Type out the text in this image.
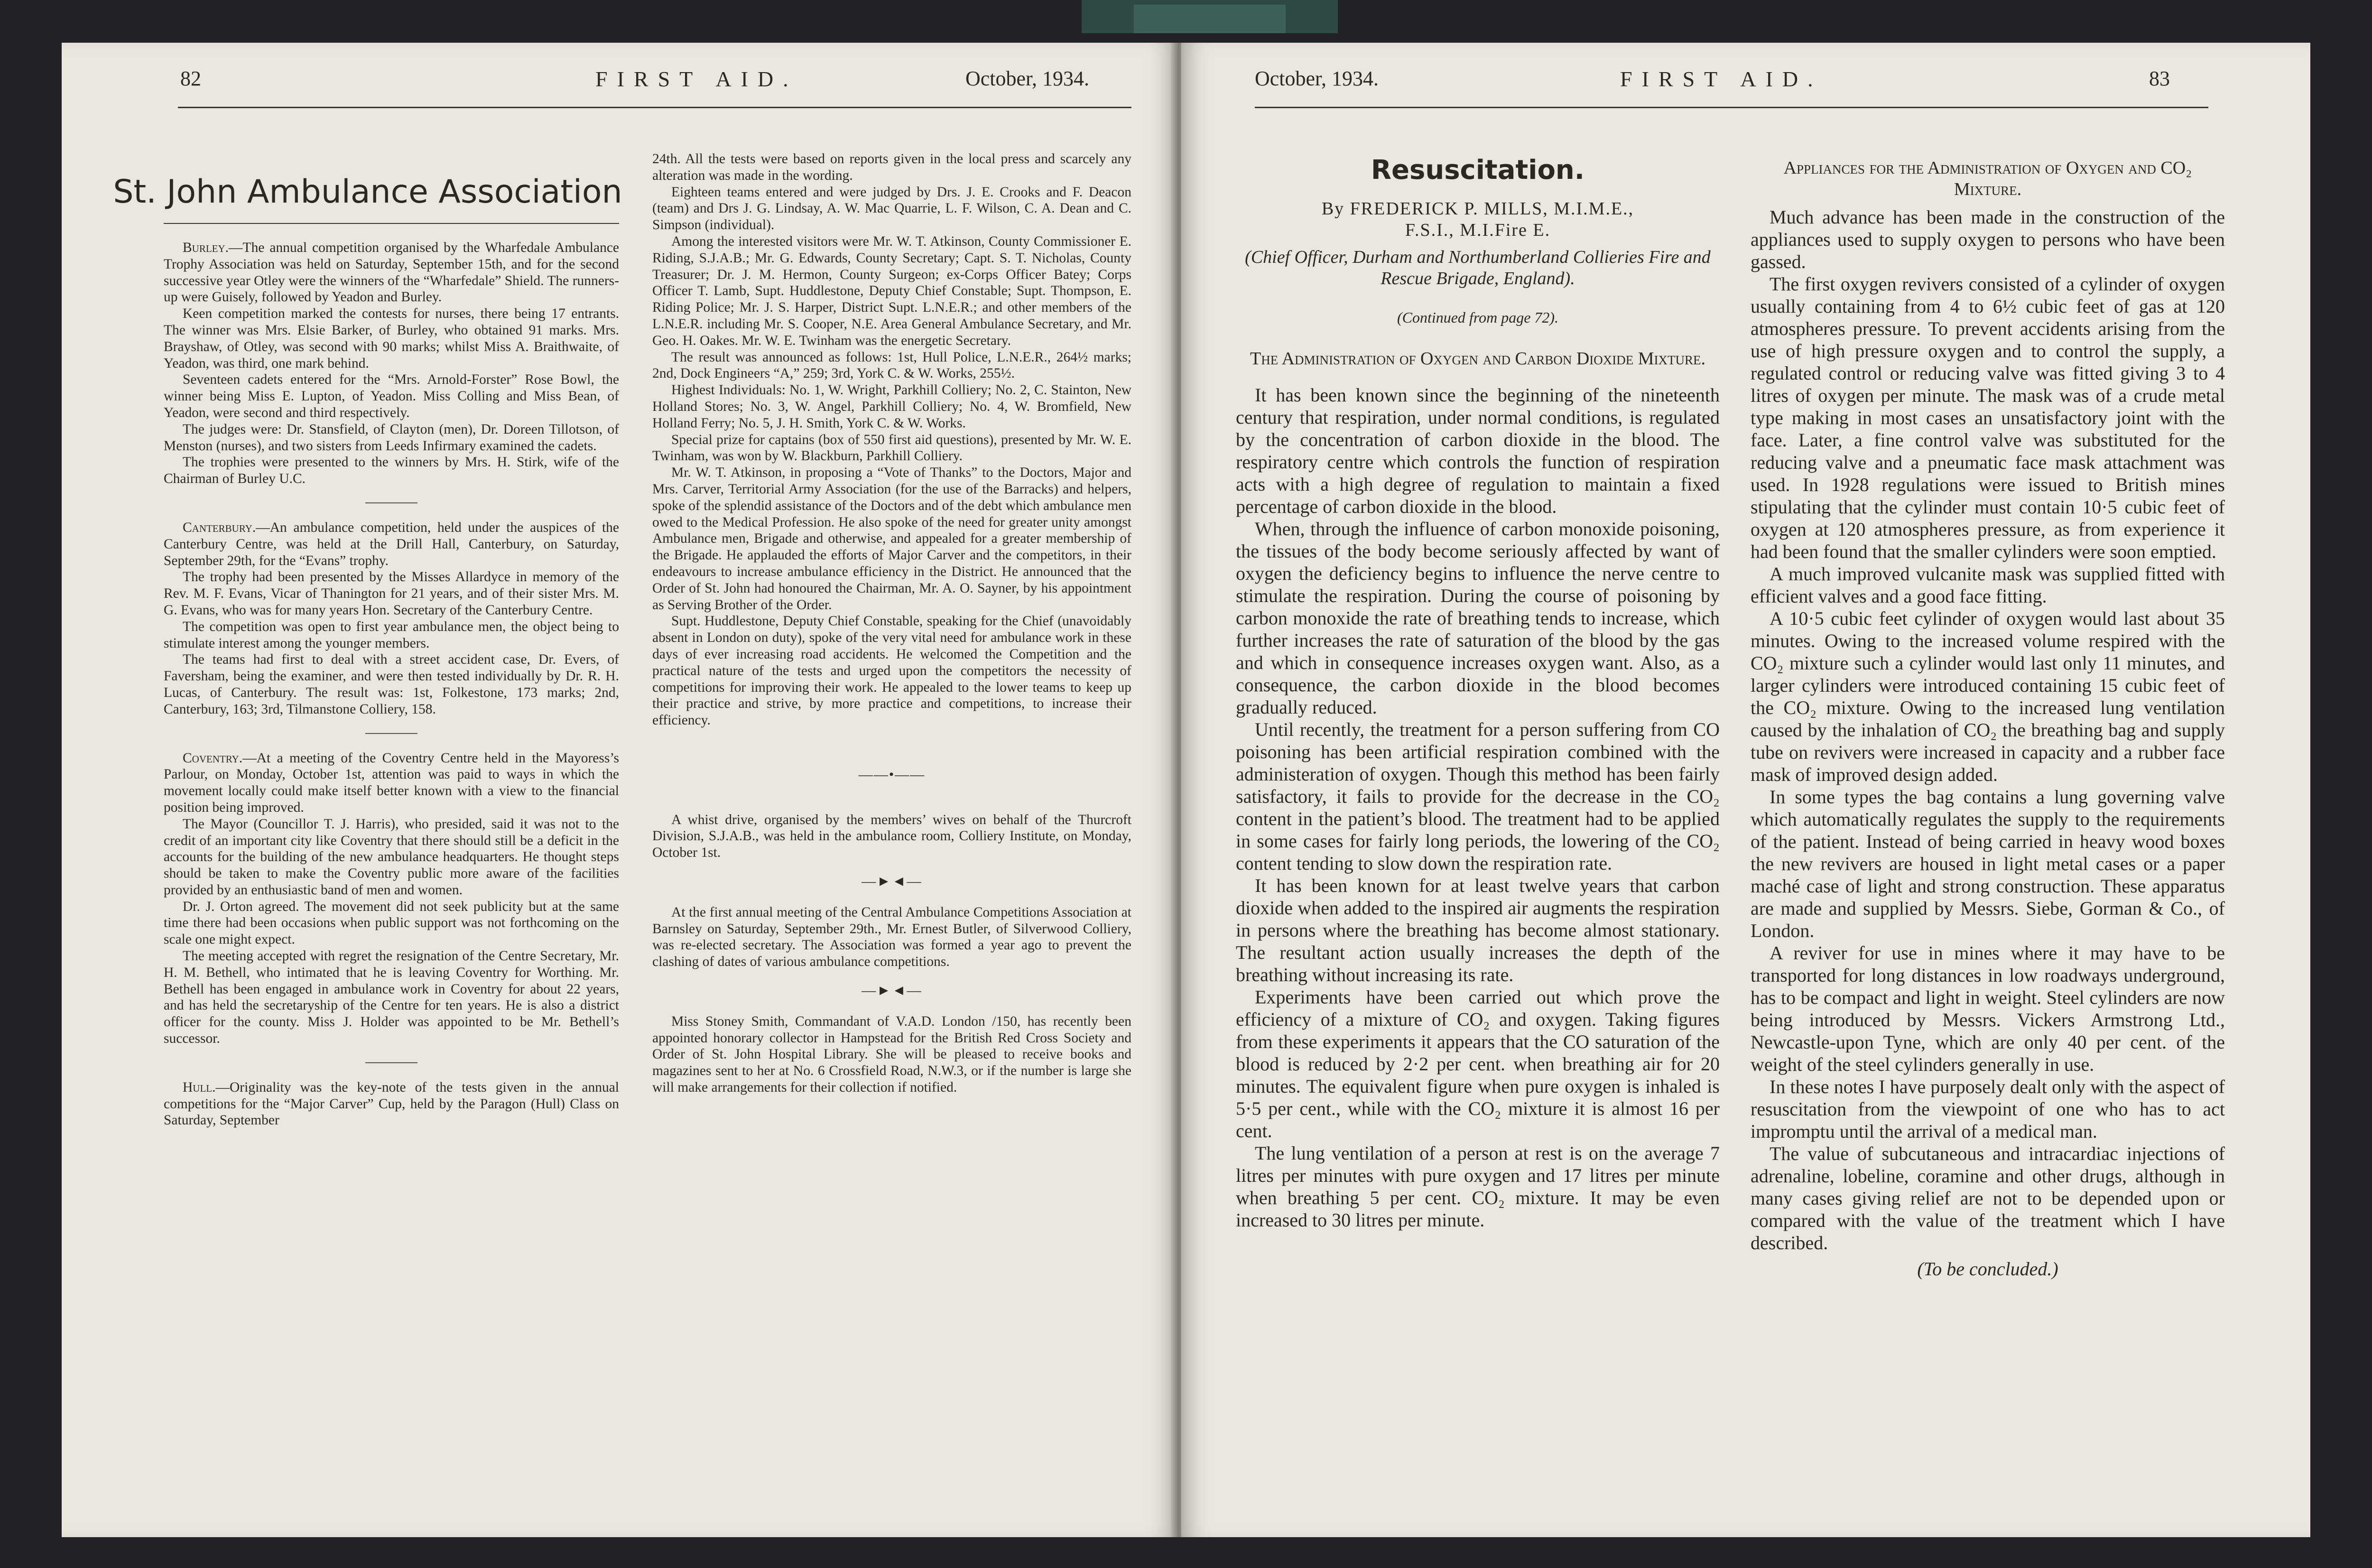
82	FIRST AID.	October, 1934.
St. John Ambulance Association

Burley.—The annual competition organised by the Wharfedale Ambulance Trophy Association was held on Saturday, September 15th, and for the second successive year Otley were the winners of the “Wharfedale” Shield. The runners-up were Guisely, followed by Yeadon and Burley.

Keen competition marked the contests for nurses, there being 17 entrants. The winner was Mrs. Elsie Barker, of Burley, who obtained 91 marks. Mrs. Brayshaw, of Otley, was second with 90 marks; whilst Miss A. Braithwaite, of Yeadon, was third, one mark behind.

Seventeen cadets entered for the “Mrs. Arnold-Forster” Rose Bowl, the winner being Miss E. Lupton, of Yeadon. Miss Colling and Miss Bean, of Yeadon, were second and third respectively.

The judges were: Dr. Stansfield, of Clayton (men), Dr. Doreen Tillotson, of Menston (nurses), and two sisters from Leeds Infirmary examined the cadets.

The trophies were presented to the winners by Mrs. H. Stirk, wife of the Chairman of Burley U.C.

Canterbury.—An ambulance competition, held under the auspices of the Canterbury Centre, was held at the Drill Hall, Canterbury, on Saturday, September 29th, for the “Evans” trophy.

The trophy had been presented by the Misses Allardyce in memory of the Rev. M. F. Evans, Vicar of Thanington for 21 years, and of their sister Mrs. M. G. Evans, who was for many years Hon. Secretary of the Canterbury Centre.

The competition was open to first year ambulance men, the object being to stimulate interest among the younger members.

The teams had first to deal with a street accident case, Dr. Evers, of Faversham, being the examiner, and were then tested individually by Dr. R. H. Lucas, of Canterbury. The result was: 1st, Folkestone, 173 marks; 2nd, Canterbury, 163; 3rd, Tilmanstone Colliery, 158.

Coventry.—At a meeting of the Coventry Centre held in the Mayoress’s Parlour, on Monday, October 1st, attention was paid to ways in which the movement locally could make itself better known with a view to the financial position being improved.

The Mayor (Councillor T. J. Harris), who presided, said it was not to the credit of an important city like Coventry that there should still be a deficit in the accounts for the building of the new ambulance headquarters. He thought steps should be taken to make the Coventry public more aware of the facilities provided by an enthusiastic band of men and women.

Dr. J. Orton agreed. The movement did not seek publicity but at the same time there had been occasions when public support was not forthcoming on the scale one might expect.

The meeting accepted with regret the resignation of the Centre Secretary, Mr. H. M. Bethell, who intimated that he is leaving Coventry for Worthing. Mr. Bethell has been engaged in ambulance work in Coventry for about 22 years, and has held the secretaryship of the Centre for ten years. He is also a district officer for the county. Miss J. Holder was appointed to be Mr. Bethell’s successor.

Hull.—Originality was the key-note of the tests given in the annual competitions for the “Major Carver” Cup, held by the Paragon (Hull) Class on Saturday, September

24th. All the tests were based on reports given in the local press and scarcely any alteration was made in the wording.

Eighteen teams entered and were judged by Drs. J. E. Crooks and F. Deacon (team) and Drs J. G. Lindsay, A. W. Mac Quarrie, L. F. Wilson, C. A. Dean and C. Simpson (individual).

Among the interested visitors were Mr. W. T. Atkinson, County Commissioner E. Riding, S.J.A.B.; Mr. G. Edwards, County Secretary; Capt. S. T. Nicholas, County Treasurer; Dr. J. M. Hermon, County Surgeon; ex-Corps Officer Batey; Corps Officer T. Lamb, Supt. Huddlestone, Deputy Chief Constable; Supt. Thompson, E. Riding Police; Mr. J. S. Harper, District Supt. L.N.E.R.; and other members of the L.N.E.R. including Mr. S. Cooper, N.E. Area General Ambulance Secretary, and Mr. Geo. H. Oakes. Mr. W. E. Twinham was the energetic Secretary.

The result was announced as follows: 1st, Hull Police, L.N.E.R., 264½ marks; 2nd, Dock Engineers “A,” 259; 3rd, York C. & W. Works, 255½.

Highest Individuals: No. 1, W. Wright, Parkhill Colliery; No. 2, C. Stainton, New Holland Stores; No. 3, W. Angel, Parkhill Colliery; No. 4, W. Bromfield, New Holland Ferry; No. 5, J. H. Smith, York C. & W. Works.

Special prize for captains (box of 550 first aid questions), presented by Mr. W. E. Twinham, was won by W. Blackburn, Parkhill Colliery.

Mr. W. T. Atkinson, in proposing a “Vote of Thanks” to the Doctors, Major and Mrs. Carver, Territorial Army Association (for the use of the Barracks) and helpers, spoke of the splendid assistance of the Doctors and of the debt which ambulance men owed to the Medical Profession. He also spoke of the need for greater unity amongst Ambulance men, Brigade and otherwise, and appealed for a greater membership of the Brigade. He applauded the efforts of Major Carver and the competitors, in their endeavours to increase ambulance efficiency in the District. He announced that the Order of St. John had honoured the Chairman, Mr. A. O. Sayner, by his appointment as Serving Brother of the Order.

Supt. Huddlestone, Deputy Chief Constable, speaking for the Chief (unavoidably absent in London on duty), spoke of the very vital need for ambulance work in these days of ever increasing road accidents. He welcomed the Competition and the practical nature of the tests and urged upon the competitors the necessity of competitions for improving their work. He appealed to the lower teams to keep up their practice and strive, by more practice and competitions, to increase their efficiency.

——•——

A whist drive, organised by the members’ wives on behalf of the Thurcroft Division, S.J.A.B., was held in the ambulance room, Colliery Institute, on Monday, October 1st.

—►◄—

At the first annual meeting of the Central Ambulance Competitions Association at Barnsley on Saturday, September 29th., Mr. Ernest Butler, of Silverwood Colliery, was re-elected secretary. The Association was formed a year ago to prevent the clashing of dates of various ambulance competitions.

—►◄—

Miss Stoney Smith, Commandant of V.A.D. London /150, has recently been appointed honorary collector in Hampstead for the British Red Cross Society and Order of St. John Hospital Library. She will be pleased to receive books and magazines sent to her at No. 6 Crossfield Road, N.W.3, or if the number is large she will make arrangements for their collection if notified.

October, 1934.	FIRST AID.	83
Resuscitation.

By FREDERICK P. MILLS, M.I.M.E.,

F.S.I., M.I.Fire E.

(Chief Officer, Durham and Northumberland Collieries Fire and Rescue Brigade, England).

(Continued from page 72).

The Administration of Oxygen and Carbon Dioxide Mixture.

It has been known since the beginning of the nineteenth century that respiration, under normal conditions, is regulated by the concentration of carbon dioxide in the blood. The respiratory centre which controls the function of respiration acts with a high degree of regulation to maintain a fixed percentage of carbon dioxide in the blood.

When, through the influence of carbon monoxide poisoning, the tissues of the body become seriously affected by want of oxygen the deficiency begins to influence the nerve centre to stimulate the respiration. During the course of poisoning by carbon monoxide the rate of breathing tends to increase, which further increases the rate of saturation of the blood by the gas and which in consequence increases oxygen want. Also, as a consequence, the carbon dioxide in the blood becomes gradually reduced.

Until recently, the treatment for a person suffering from CO poisoning has been artificial respiration combined with the administeration of oxygen. Though this method has been fairly satisfactory, it fails to provide for the decrease in the CO₂ content in the patient’s blood. The treatment had to be applied in some cases for fairly long periods, the lowering of the CO₂ content tending to slow down the respiration rate.

It has been known for at least twelve years that carbon dioxide when added to the inspired air augments the respiration in persons where the breathing has become almost stationary. The resultant action usually increases the depth of the breathing without increasing its rate.

Experiments have been carried out which prove the efficiency of a mixture of CO₂ and oxygen. Taking figures from these experiments it appears that the CO saturation of the blood is reduced by 2·2 per cent. when breathing air for 20 minutes. The equivalent figure when pure oxygen is inhaled is 5·5 per cent., while with the CO₂ mixture it is almost 16 per cent.

The lung ventilation of a person at rest is on the average 7 litres per minutes with pure oxygen and 17 litres per minute when breathing 5 per cent. CO₂ mixture. It may be even increased to 30 litres per minute.

Appliances for the Administration of Oxygen and CO₂ Mixture.

Much advance has been made in the construction of the appliances used to supply oxygen to persons who have been gassed.

The first oxygen revivers consisted of a cylinder of oxygen usually containing from 4 to 6½ cubic feet of gas at 120 atmospheres pressure. To prevent accidents arising from the use of high pressure oxygen and to control the supply, a regulated control or reducing valve was fitted giving 3 to 4 litres of oxygen per minute. The mask was of a crude metal type making in most cases an unsatisfactory joint with the face. Later, a fine control valve was substituted for the reducing valve and a pneumatic face mask attachment was used. In 1928 regulations were issued to British mines stipulating that the cylinder must contain 10·5 cubic feet of oxygen at 120 atmospheres pressure, as from experience it had been found that the smaller cylinders were soon emptied.

A much improved vulcanite mask was supplied fitted with efficient valves and a good face fitting.

A 10·5 cubic feet cylinder of oxygen would last about 35 minutes. Owing to the increased volume respired with the CO₂ mixture such a cylinder would last only 11 minutes, and larger cylinders were introduced containing 15 cubic feet of the CO₂ mixture. Owing to the increased lung ventilation caused by the inhalation of CO₂ the breathing bag and supply tube on revivers were increased in capacity and a rubber face mask of improved design added.

In some types the bag contains a lung governing valve which automatically regulates the supply to the requirements of the patient. Instead of being carried in heavy wood boxes the new revivers are housed in light metal cases or a paper maché case of light and strong construction. These apparatus are made and supplied by Messrs. Siebe, Gorman & Co., of London.

A reviver for use in mines where it may have to be transported for long distances in low roadways underground, has to be compact and light in weight. Steel cylinders are now being introduced by Messrs. Vickers Armstrong Ltd., Newcastle-upon Tyne, which are only 40 per cent. of the weight of the steel cylinders generally in use.

In these notes I have purposely dealt only with the aspect of resuscitation from the viewpoint of one who has to act impromptu until the arrival of a medical man.

The value of subcutaneous and intracardiac injections of adrenaline, lobeline, coramine and other drugs, although in many cases giving relief are not to be depended upon or compared with the value of the treatment which I have described.

(To be concluded.)
